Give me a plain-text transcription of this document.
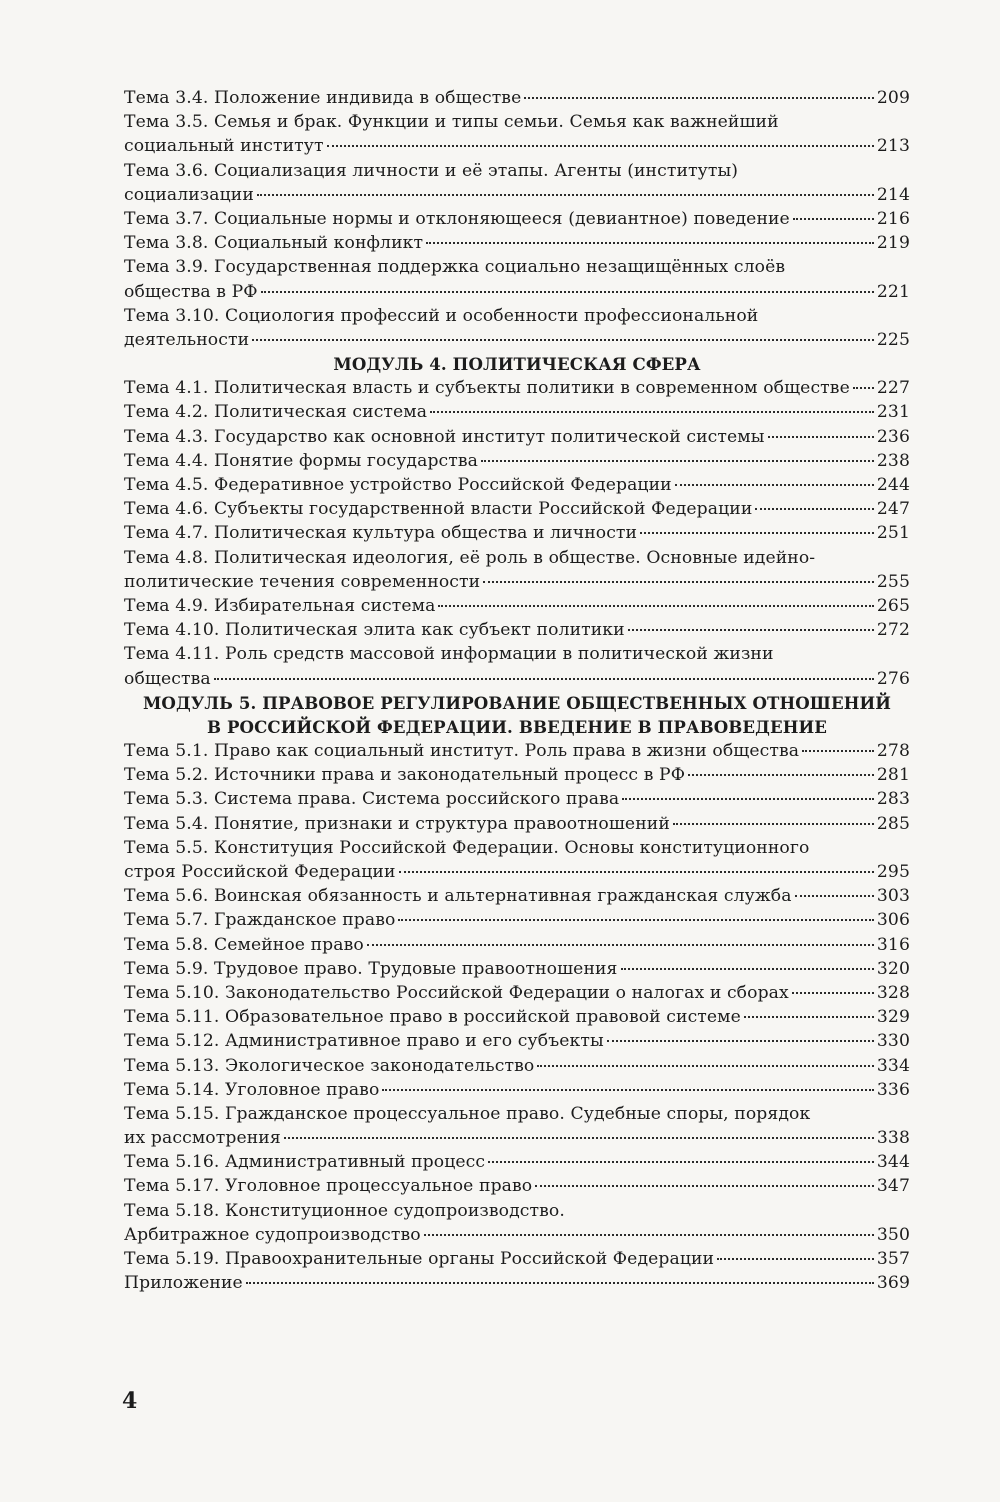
Тема 3.4. Положение индивида в обществе	209
Тема 3.5. Семья и брак. Функции и типы семьи. Семья как важнейший
социальный институт	213
Тема 3.6. Социализация личности и её этапы. Агенты (институты)
социализации	214
Тема 3.7. Социальные нормы и отклоняющееся (девиантное) поведение	216
Тема 3.8. Социальный конфликт	219
Тема 3.9. Государственная поддержка социально незащищённых слоёв
общества в РФ	221
Тема 3.10. Социология профессий и особенности профессиональной
деятельности	225
МОДУЛЬ 4. ПОЛИТИЧЕСКАЯ СФЕРА
Тема 4.1. Политическая власть и субъекты политики в современном обществе 227
Тема 4.2. Политическая система	231
Тема 4.3. Государство как основной институт политической системы	236
Тема 4.4. Понятие формы государства	238
Тема 4.5. Федеративное устройство Российской Федерации	244
Тема 4.6. Субъекты государственной власти Российской Федерации	247
Тема 4.7. Политическая культура общества и личности	251
Тема 4.8. Политическая идеология, её роль в обществе. Основные идейно-
политические течения современности	255
Тема 4.9. Избирательная система	265
Тема 4.10. Политическая элита как субъект политики	272
Тема 4.11. Роль средств массовой информации в политической жизни
общества	276
МОДУЛЬ 5. ПРАВОВОЕ РЕГУЛИРОВАНИЕ ОБЩЕСТВЕННЫХ ОТНОШЕНИЙ
В РОССИЙСКОЙ ФЕДЕРАЦИИ. ВВЕДЕНИЕ В ПРАВОВЕДЕНИЕ
Тема 5.1. Право как социальный институт. Роль права в жизни общества	278
Тема 5.2. Источники права и законодательный процесс в РФ	281
Тема 5.3. Система права. Система российского права	283
Тема 5.4. Понятие, признаки и структура правоотношений	285
Тема 5.5. Конституция Российской Федерации. Основы конституционного
строя Российской Федерации	295
Тема 5.6. Воинская обязанность и альтернативная гражданская служба	303
Тема 5.7. Гражданское право	306
Тема 5.8. Семейное право	316
Тема 5.9. Трудовое право. Трудовые правоотношения	320
Тема 5.10. Законодательство Российской Федерации о налогах и сборах	328
Тема 5.11. Образовательное право в российской правовой системе	329
Тема 5.12. Административное право и его субъекты	330
Тема 5.13. Экологическое законодательство	334
Тема 5.14. Уголовное право	336
Тема 5.15. Гражданское процессуальное право. Судебные споры, порядок
их рассмотрения	338
Тема 5.16. Административный процесс	344
Тема 5.17. Уголовное процессуальное право	347
Тема 5.18. Конституционное судопроизводство.
Арбитражное судопроизводство	350
Тема 5.19. Правоохранительные органы Российской Федерации	357
Приложение	369
4
